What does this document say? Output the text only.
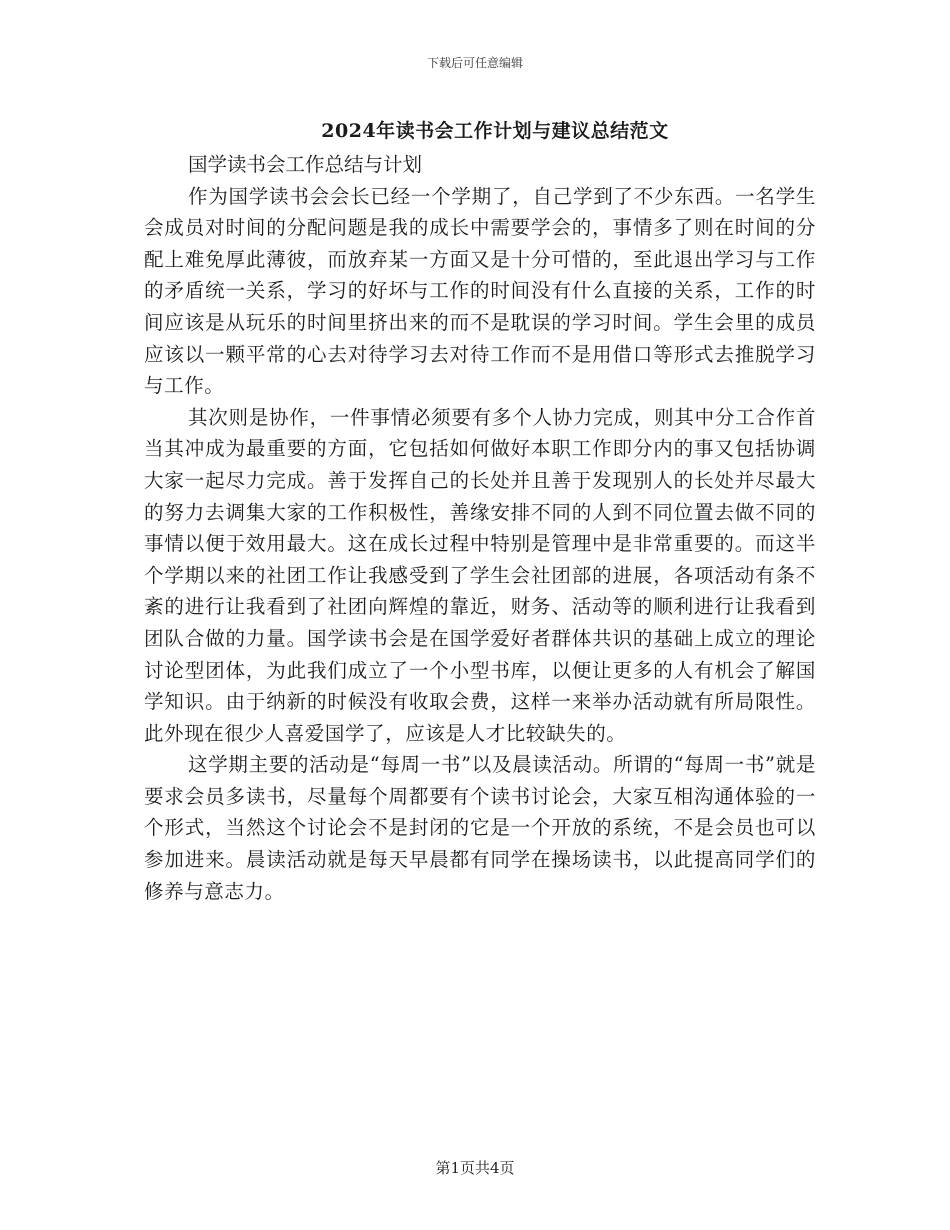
下载后可任意编辑
2024年读书会工作计划与建议总结范文

国学读书会工作总结与计划

作为国学读书会会长已经一个学期了，自己学到了不少东西。一名学生会成员对时间的分配问题是我的成长中需要学会的，事情多了则在时间的分配上难免厚此薄彼，而放弃某一方面又是十分可惜的，至此退出学习与工作的矛盾统一关系，学习的好坏与工作的时间没有什么直接的关系，工作的时间应该是从玩乐的时间里挤出来的而不是耽误的学习时间。学生会里的成员应该以一颗平常的心去对待学习去对待工作而不是用借口等形式去推脱学习与工作。

其次则是协作，一件事情必须要有多个人协力完成，则其中分工合作首当其冲成为最重要的方面，它包括如何做好本职工作即分内的事又包括协调大家一起尽力完成。善于发挥自己的长处并且善于发现别人的长处并尽最大的努力去调集大家的工作积极性，善缘安排不同的人到不同位置去做不同的事情以便于效用最大。这在成长过程中特别是管理中是非常重要的。而这半个学期以来的社团工作让我感受到了学生会社团部的进展，各项活动有条不紊的进行让我看到了社团向辉煌的靠近，财务、活动等的顺利进行让我看到团队合做的力量。国学读书会是在国学爱好者群体共识的基础上成立的理论讨论型团体，为此我们成立了一个小型书库，以便让更多的人有机会了解国学知识。由于纳新的时候没有收取会费，这样一来举办活动就有所局限性。此外现在很少人喜爱国学了，应该是人才比较缺失的。

这学期主要的活动是“每周一书”以及晨读活动。所谓的“每周一书”就是要求会员多读书，尽量每个周都要有个读书讨论会，大家互相沟通体验的一个形式，当然这个讨论会不是封闭的它是一个开放的系统，不是会员也可以参加进来。晨读活动就是每天早晨都有同学在操场读书，以此提高同学们的修养与意志力。

第1页共4页
